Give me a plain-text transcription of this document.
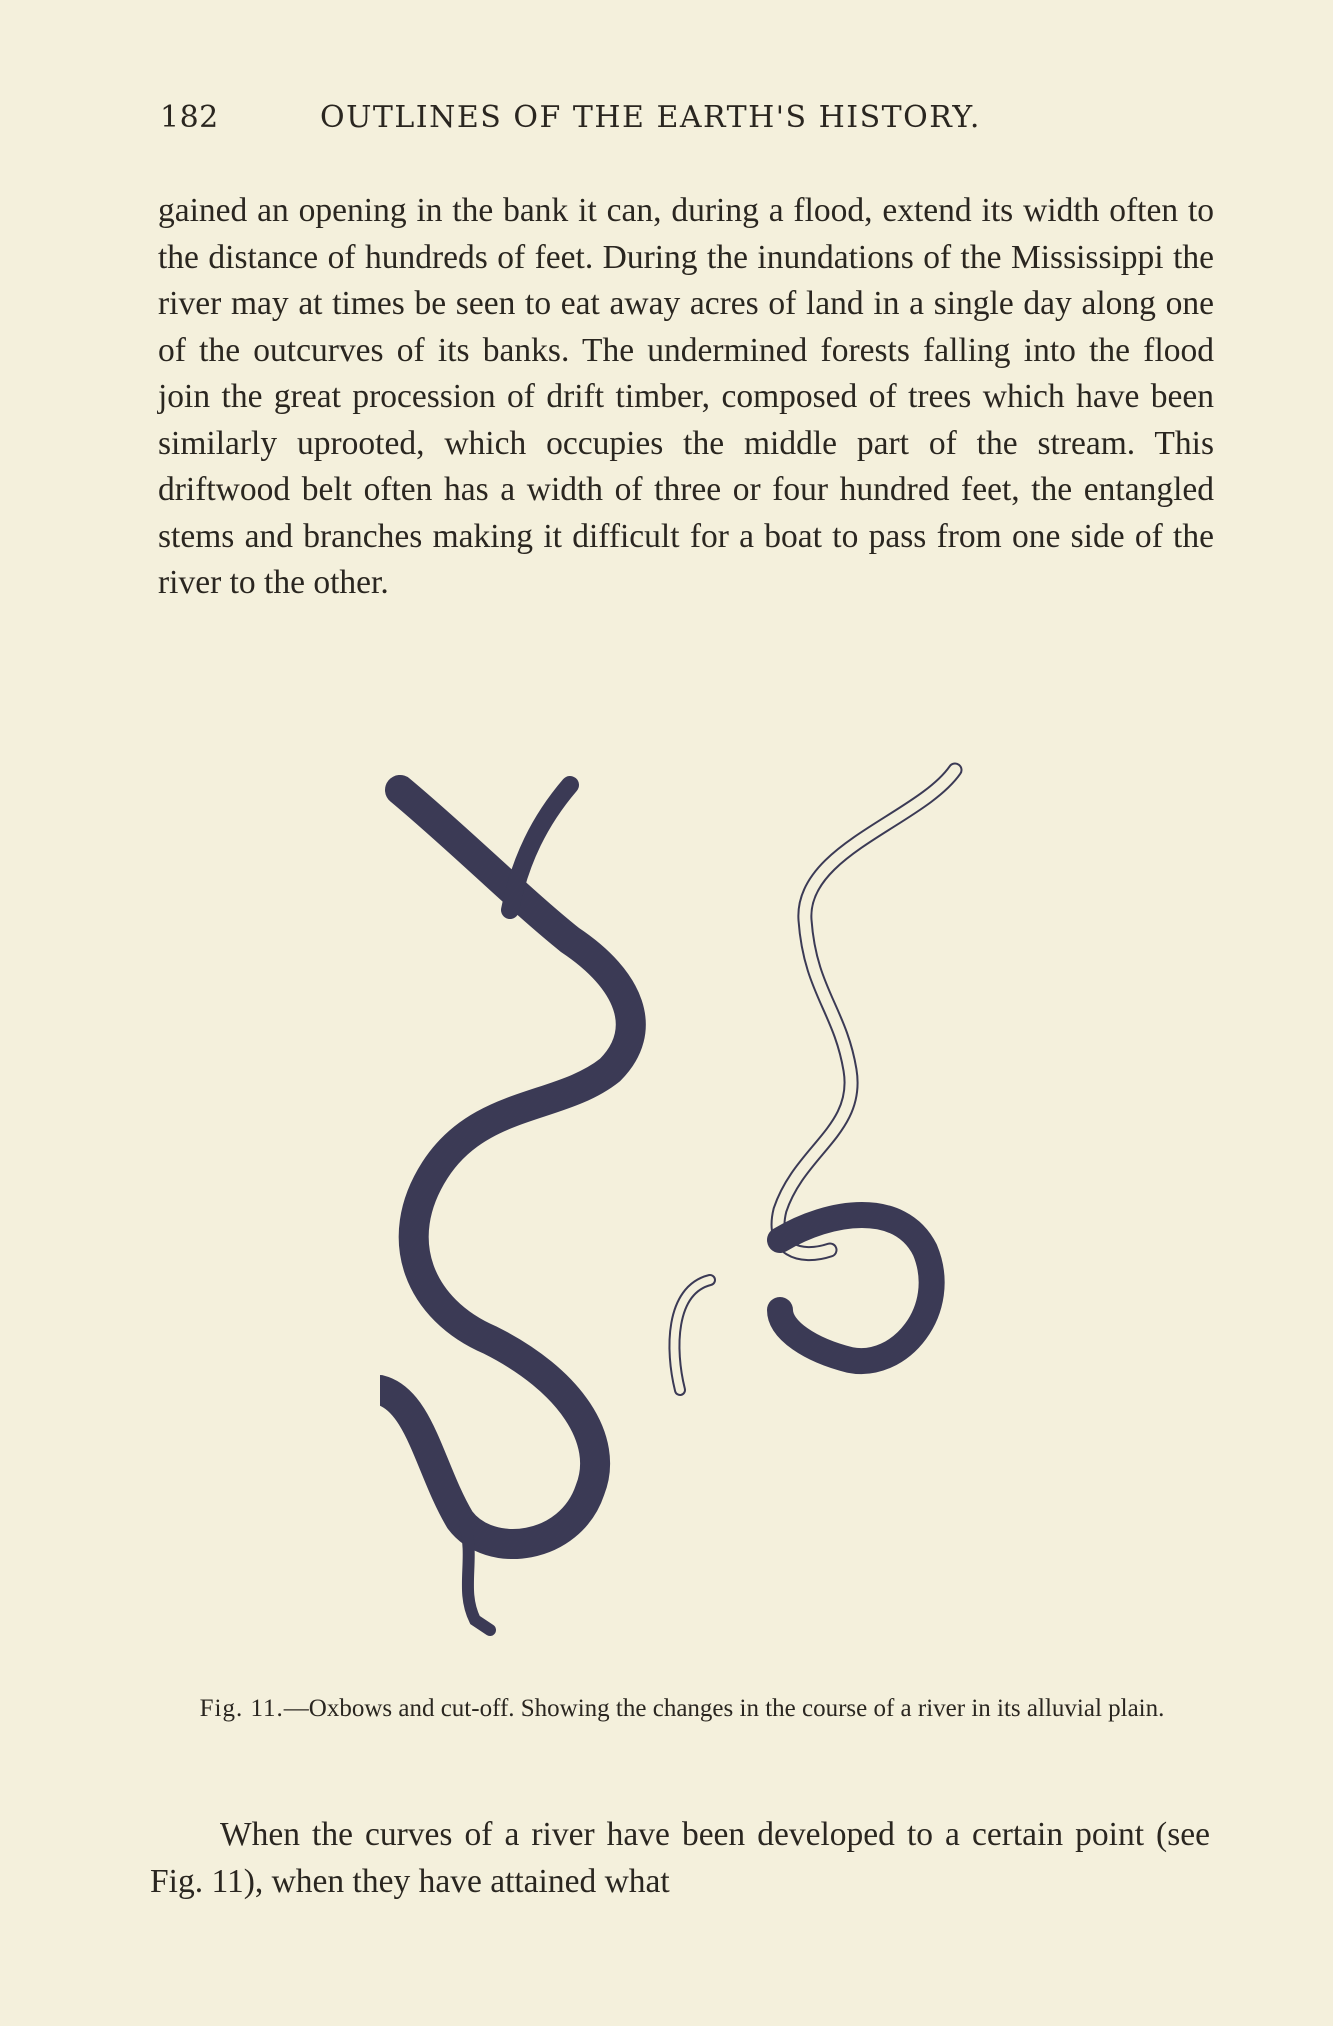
182	OUTLINES OF THE EARTH'S HISTORY.

gained an opening in the bank it can, during a flood, extend its width often to the distance of hundreds of feet. During the inundations of the Mississippi the river may at times be seen to eat away acres of land in a single day along one of the outcurves of its banks. The undermined forests falling into the flood join the great procession of drift timber, composed of trees which have been similarly uprooted, which occupies the middle part of the stream. This driftwood belt often has a width of three or four hundred feet, the entangled stems and branches making it difficult for a boat to pass from one side of the river to the other.

Fig. 11.—Oxbows and cut-off. Showing the changes in the course of a river in its alluvial plain.

When the curves of a river have been developed to a certain point (see Fig. 11), when they have attained what
